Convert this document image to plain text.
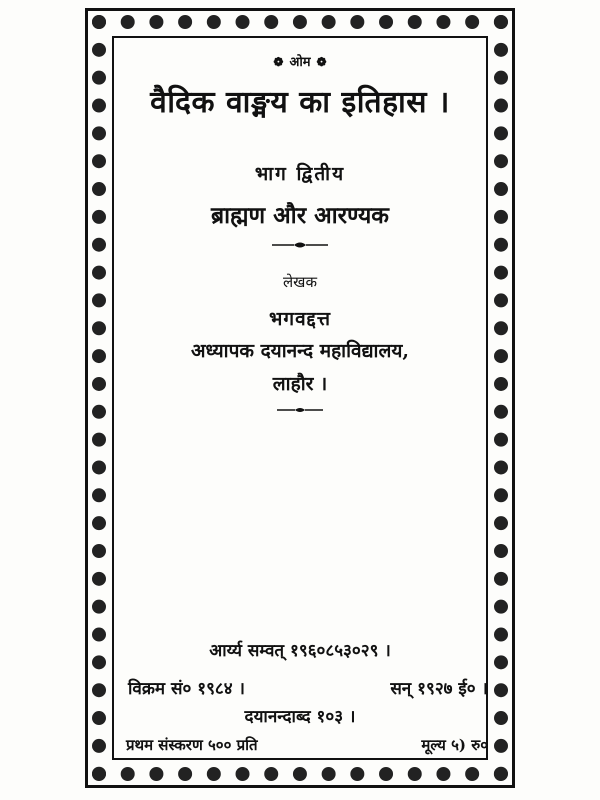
❁ ओम ❁
वैदिक वाङ्मय का इतिहास ।
भाग द्वितीय
ब्राह्मण और आरण्यक
लेखक
भगवद्दत्त
अध्यापक दयानन्द महाविद्यालय,
लाहौर ।
आर्य्य सम्वत् १९६०८५३०२९ ।
विक्रम सं० १९८४ ।	सन् १९२७ ई० ।
दयानन्दाब्द १०३ ।
प्रथम संस्करण ५०० प्रति	मूल्य ५) रु०
